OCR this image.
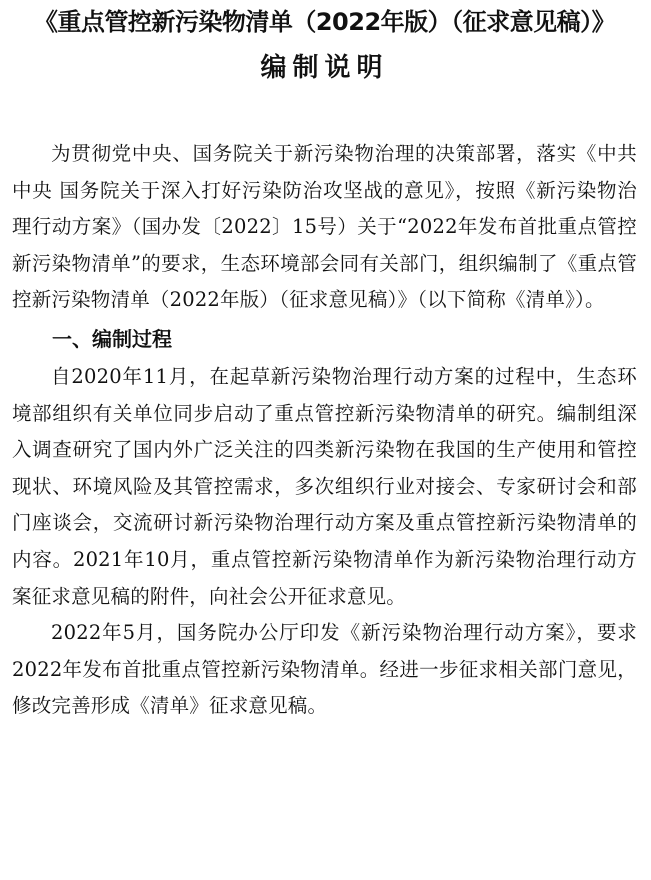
《重点管控新污染物清单（2022年版）（征求意见稿）》
编制说明

为贯彻党中央、国务院关于新污染物治理的决策部署，落实《中共中央 国务院关于深入打好污染防治攻坚战的意见》，按照《新污染物治理行动方案》（国办发〔2022〕15号）关于“2022年发布首批重点管控新污染物清单”的要求，生态环境部会同有关部门，组织编制了《重点管控新污染物清单（2022年版）（征求意见稿）》（以下简称《清单》）。

一、编制过程

自2020年11月，在起草新污染物治理行动方案的过程中，生态环境部组织有关单位同步启动了重点管控新污染物清单的研究。编制组深入调查研究了国内外广泛关注的四类新污染物在我国的生产使用和管控现状、环境风险及其管控需求，多次组织行业对接会、专家研讨会和部门座谈会，交流研讨新污染物治理行动方案及重点管控新污染物清单的内容。2021年10月，重点管控新污染物清单作为新污染物治理行动方案征求意见稿的附件，向社会公开征求意见。

2022年5月，国务院办公厅印发《新污染物治理行动方案》，要求2022年发布首批重点管控新污染物清单。经进一步征求相关部门意见，修改完善形成《清单》征求意见稿。
